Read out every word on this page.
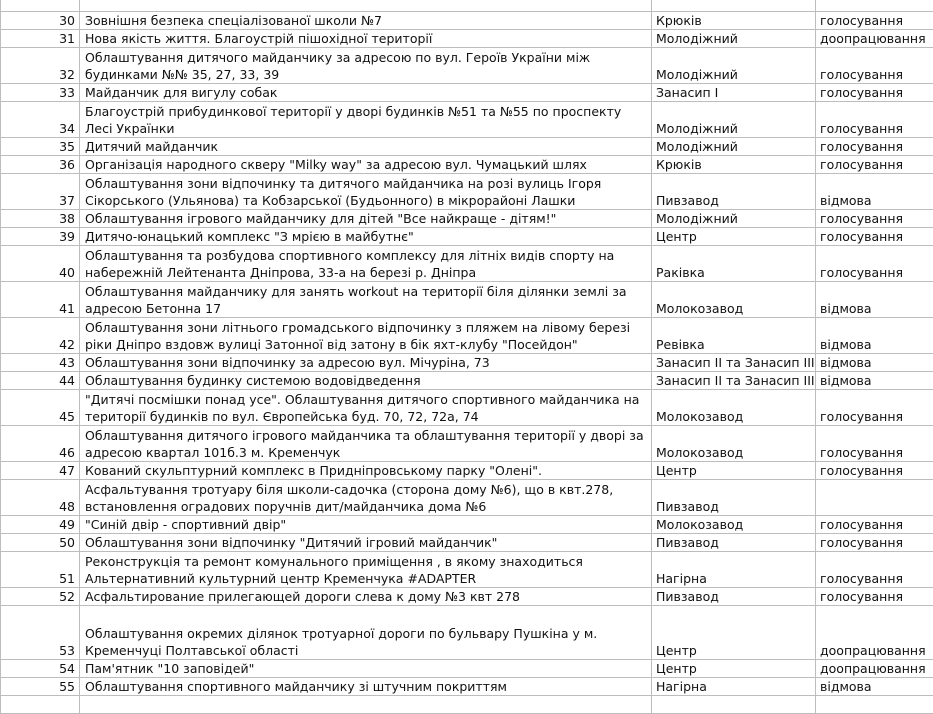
30	Зовнішня безпека спеціалізованої школи №7	Крюків	голосування
31	Нова якість життя. Благоустрій пішохідної території	Молодіжний	доопрацювання
32	Облаштування дитячого майданчику за адресою по вул. Героїв України між будинками №№ 35, 27, 33, 39	Молодіжний	голосування
33	Майданчик для вигулу собак	Занасип І	голосування
34	Благоустрій прибудинкової території у дворі будинків №51 та №55 по проспекту Лесі Українки	Молодіжний	голосування
35	Дитячий майданчик	Молодіжний	голосування
36	Організація народного скверу "Milky way" за адресою вул. Чумацький шлях	Крюків	голосування
37	Облаштування зони відпочинку та дитячого майданчика на розі вулиць Ігоря Сікорського (Ульянова) та Кобзарської (Будьонного) в мікрорайоні Лашки	Пивзавод	відмова
38	Облаштування ігрового майданчику для дітей "Все найкраще - дітям!"	Молодіжний	голосування
39	Дитячо-юнацький комплекс "З мрією в майбутнє"	Центр	голосування
40	Облаштування та розбудова спортивного комплексу для літніх видів спорту на набережній Лейтенанта Дніпрова, 33-а на березі р. Дніпра	Раківка	голосування
41	Облаштування майданчику для занять workout на території біля ділянки землі за адресою Бетонна 17	Молокозавод	відмова
42	Облаштування зони літнього громадського відпочинку з пляжем на лівому березі ріки Дніпро вздовж вулиці Затонної від затону в бік яхт-клубу "Посейдон"	Ревівка	відмова
43	Облаштування зони відпочинку за адресою вул. Мічуріна, 73	Занасип ІІ та Занасип ІІІ	відмова
44	Облаштування будинку системою водовідведення	Занасип ІІ та Занасип ІІІ	відмова
45	"Дитячі посмішки понад усе". Облаштування дитячого спортивного майданчика на території будинків по вул. Європейська буд. 70, 72, 72а, 74	Молокозавод	голосування
46	Облаштування дитячого ігрового майданчика та облаштування території у дворі за адресою квартал 101б.3 м. Кременчук	Молокозавод	голосування
47	Кований скульптурний комплекс в Придніпровському парку "Олені".	Центр	голосування
48	Асфальтування тротуару біля школи-садочка (сторона дому №6), що в квт.278, встановлення оградових поручнів дит/майданчика дома №6	Пивзавод	
49	"Синій двір - спортивний двір"	Молокозавод	голосування
50	Облаштування зони відпочинку "Дитячий ігровий майданчик"	Пивзавод	голосування
51	Реконструкція та ремонт комунального приміщення , в якому знаходиться Альтернативний культурний центр Кременчука #ADAPTER	Нагірна	голосування
52	Асфальтирование прилегающей дороги слева к дому №3 квт 278	Пивзавод	голосування
53	Облаштування окремих ділянок тротуарної дороги по бульвару Пушкіна у м. Кременчуці Полтавської області	Центр	доопрацювання
54	Пам'ятник "10 заповідей"	Центр	доопрацювання
55	Облаштування спортивного майданчику зі штучним покриттям	Нагірна	відмова
